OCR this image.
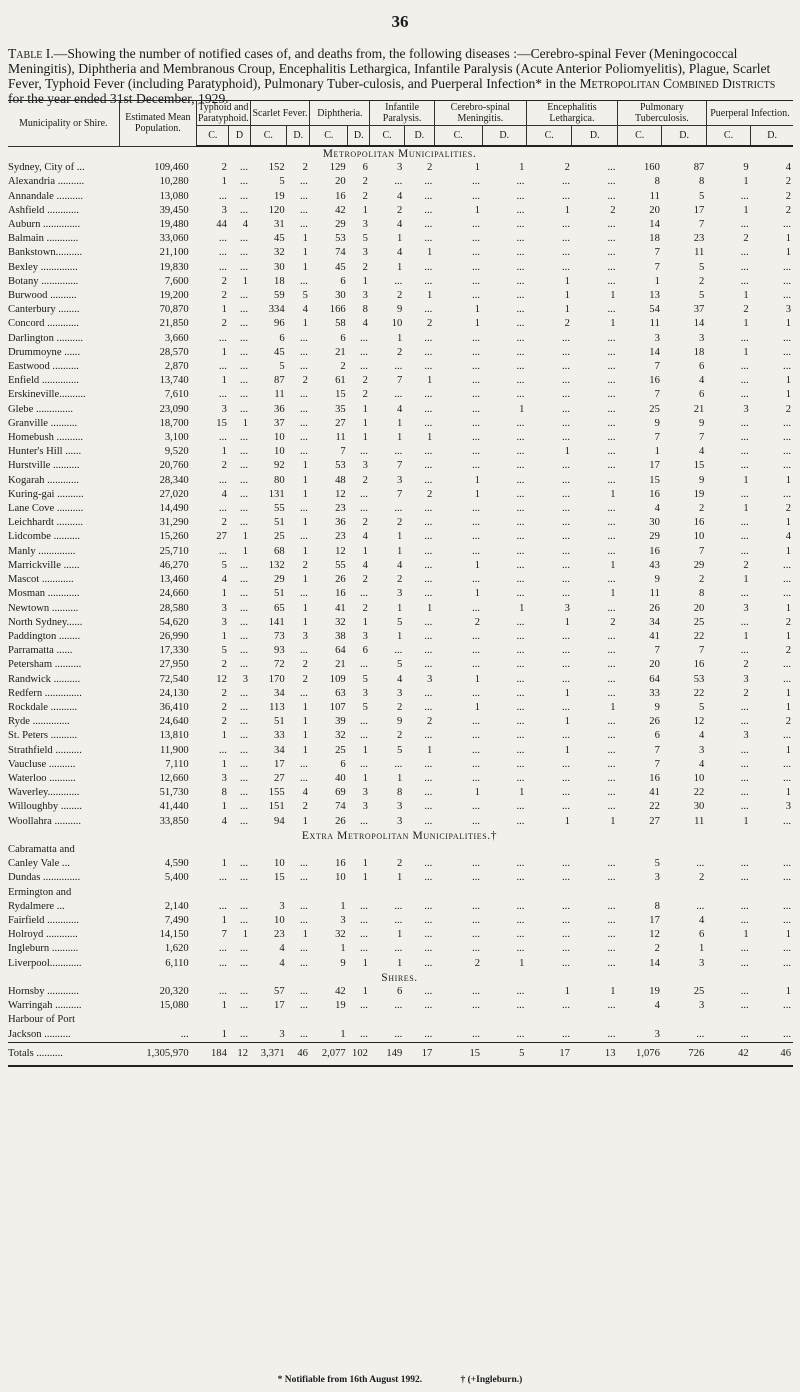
36
Table I.—Showing the number of notified cases of, and deaths from, the following diseases :—Cerebro-spinal Fever (Meningococcal Meningitis), Diphtheria and Membranous Croup, Encephalitis Lethargica, Infantile Paralysis (Acute Anterior Poliomyelitis), Plague, Scarlet Fever, Typhoid Fever (including Paratyphoid), Pulmonary Tuber-culosis, and Puerperal Infection* in the Metropolitan Combined Districts for the year ended 31st December, 1929.
Municipality or Shire.	Estimated Mean Population.	Typhoid and Paratyphoid.		Scarlet Fever.		Diphtheria.		Infantile Paralysis.		Cerebro-spinal Meningitis.		Encephalitis Lethargica.		Pulmonary Tuberculosis.		Puerperal Infection.	
		C.	D	C.	D.	C.	D.	C.	D.	C.	D.	C.	D.	C.	D.	C.	D.
Metropolitan Municipalities.																	
Sydney, City of ...	109,460	2	...	152	2	129	6	3	2	1	1	2	...	160	87	9	4
Alexandria ..........	10,280	1	...	5	...	20	2	...	...	...	...	...	...	8	8	1	2
Annandale ..........	13,080	...	...	19	...	16	2	4	...	...	...	...	...	11	5	...	2
Ashfield ............	39,450	3	...	120	...	42	1	2	...	1	...	1	2	20	17	1	2
Auburn ..............	19,480	44	4	31	...	29	3	4	...	...	...	...	...	14	7	...	...
Balmain ............	33,060	...	...	45	1	53	5	1	...	...	...	...	...	18	23	2	1
Bankstown..........	21,100	...	...	32	1	74	3	4	1	...	...	...	...	7	11	...	1
Bexley ..............	19,830	...	...	30	1	45	2	1	...	...	...	...	...	7	5	...	...
Botany ..............	7,600	2	1	18	...	6	1	...	...	...	...	1	...	1	2	...	...
Burwood ..........	19,200	2	...	59	5	30	3	2	1	...	...	1	1	13	5	1	...
Canterbury ........	70,870	1	...	334	4	166	8	9	...	1	...	1	...	54	37	2	3
Concord ............	21,850	2	...	96	1	58	4	10	2	1	...	2	1	11	14	1	1
Darlington ..........	3,660	...	...	6	...	6	...	1	...	...	...	...	...	3	3	...	...
Drummoyne ......	28,570	1	...	45	...	21	...	2	...	...	...	...	...	14	18	1	...
Eastwood ..........	2,870	...	...	5	...	2	...	...	...	...	...	...	...	7	6	...	...
Enfield ..............	13,740	1	...	87	2	61	2	7	1	...	...	...	...	16	4	...	1
Erskineville..........	7,610	...	...	11	...	15	2	...	...	...	...	...	...	7	6	...	1
Glebe ..............	23,090	3	...	36	...	35	1	4	...	...	1	...	...	25	21	3	2
Granville ..........	18,700	15	1	37	...	27	1	1	...	...	...	...	...	9	9	...	...
Homebush ..........	3,100	...	...	10	...	11	1	1	1	...	...	...	...	7	7	...	...
Hunter's Hill ......	9,520	1	...	10	...	7	...	...	...	...	...	1	...	1	4	...	...
Hurstville ..........	20,760	2	...	92	1	53	3	7	...	...	...	...	...	17	15	...	...
Kogarah ............	28,340	...	...	80	1	48	2	3	...	1	...	...	...	15	9	1	1
Kuring-gai ..........	27,020	4	...	131	1	12	...	7	2	1	...	...	1	16	19	...	...
Lane Cove ..........	14,490	...	...	55	...	23	...	...	...	...	...	...	...	4	2	1	2
Leichhardt ..........	31,290	2	...	51	1	36	2	2	...	...	...	...	...	30	16	...	1
Lidcombe ..........	15,260	27	1	25	...	23	4	1	...	...	...	...	...	29	10	...	4
Manly ..............	25,710	...	1	68	1	12	1	1	...	...	...	...	...	16	7	...	1
Marrickville ......	46,270	5	...	132	2	55	4	4	...	1	...	...	1	43	29	2	...
Mascot ............	13,460	4	...	29	1	26	2	2	...	...	...	...	...	9	2	1	...
Mosman ............	24,660	1	...	51	...	16	...	3	...	1	...	...	1	11	8	...	...
Newtown ..........	28,580	3	...	65	1	41	2	1	1	...	1	3	...	26	20	3	1
North Sydney......	54,620	3	...	141	1	32	1	5	...	2	...	1	2	34	25	...	2
Paddington ........	26,990	1	...	73	3	38	3	1	...	...	...	...	...	41	22	1	1
Parramatta ......	17,330	5	...	93	...	64	6	...	...	...	...	...	...	7	7	...	2
Petersham ..........	27,950	2	...	72	2	21	...	5	...	...	...	...	...	20	16	2	...
Randwick ..........	72,540	12	3	170	2	109	5	4	3	1	...	...	...	64	53	3	...
Redfern ..............	24,130	2	...	34	...	63	3	3	...	...	...	1	...	33	22	2	1
Rockdale ..........	36,410	2	...	113	1	107	5	2	...	1	...	...	1	9	5	...	1
Ryde ..............	24,640	2	...	51	1	39	...	9	2	...	...	1	...	26	12	...	2
St. Peters ..........	13,810	1	...	33	1	32	...	2	...	...	...	...	...	6	4	3	...
Strathfield ..........	11,900	...	...	34	1	25	1	5	1	...	...	1	...	7	3	...	1
Vaucluse ..........	7,110	1	...	17	...	6	...	...	...	...	...	...	...	7	4	...	...
Waterloo ..........	12,660	3	...	27	...	40	1	1	...	...	...	...	...	16	10	...	...
Waverley............	51,730	8	...	155	4	69	3	8	...	1	1	...	...	41	22	...	1
Willoughby ........	41,440	1	...	151	2	74	3	3	...	...	...	...	...	22	30	...	3
Woollahra ..........	33,850	4	...	94	1	26	...	3	...	...	...	1	1	27	11	1	...
Extra Metropolitan Municipalities.†																	
Cabramatta and																	
Canley Vale ...	4,590	1	...	10	...	16	1	2	...	...	...	...	...	5	...	...	...
Dundas ..............	5,400	...	...	15	...	10	1	1	...	...	...	...	...	3	2	...	...
Ermington and																	
Rydalmere ...	2,140	...	...	3	...	1	...	...	...	...	...	...	...	8	...	...	...
Fairfield ............	7,490	1	...	10	...	3	...	...	...	...	...	...	...	17	4	...	...
Holroyd ............	14,150	7	1	23	1	32	...	1	...	...	...	...	...	12	6	1	1
Ingleburn ..........	1,620	...	...	4	...	1	...	...	...	...	...	...	...	2	1	...	...
Liverpool............	6,110	...	...	4	...	9	1	1	...	2	1	...	...	14	3	...	...
Shires.																	
Hornsby ............	20,320	...	...	57	...	42	1	6	...	...	...	1	1	19	25	...	1
Warringah ..........	15,080	1	...	17	...	19	...	...	...	...	...	...	...	4	3	...	...
Harbour of Port																	
Jackson ..........	...	1	...	3	...	1	...	...	...	...	...	...	...	3	...	...	...
Totals ..........	1,305,970	184	12	3,371	46	2,077	102	149	17	15	5	17	13	1,076	726	42	46
* Notifiable from 16th August 1992.	† (+Ingleburn.)
